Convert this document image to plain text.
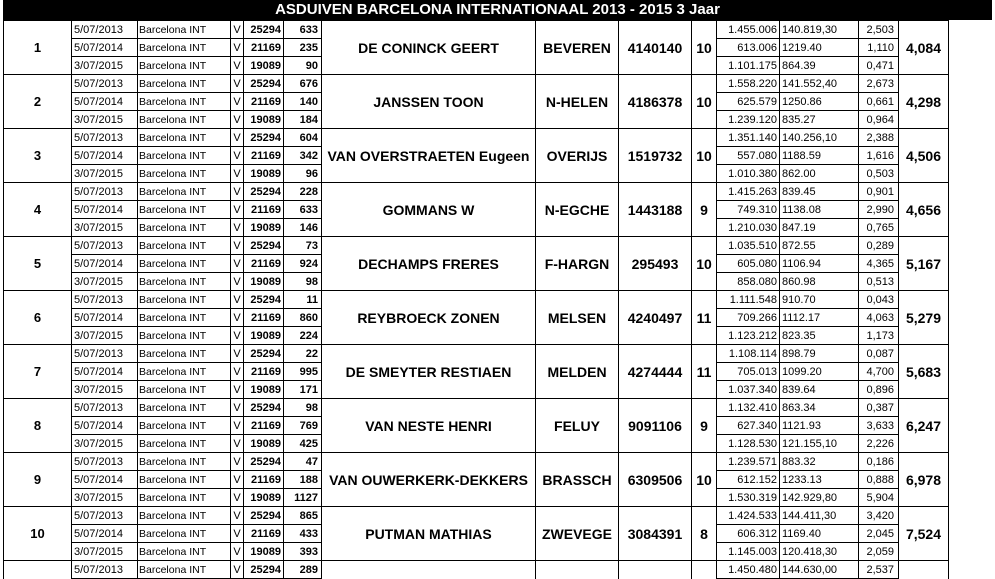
ASDUIVEN BARCELONA INTERNATIONAAL 2013 - 2015 3 Jaar
1	5/07/2013	Barcelona INT	V	25294	633	DE CONINCK GEERT	BEVEREN	4140140	10	1.455.006	140.819,30	2,503	4,084
	5/07/2014	Barcelona INT	V	21169	235					613.006	1219.40	1,110	
	3/07/2015	Barcelona INT	V	19089	90					1.101.175	864.39	0,471	
2	5/07/2013	Barcelona INT	V	25294	676	JANSSEN TOON	N-HELEN	4186378	10	1.558.220	141.552,40	2,673	4,298
	5/07/2014	Barcelona INT	V	21169	140					625.579	1250.86	0,661	
	3/07/2015	Barcelona INT	V	19089	184					1.239.120	835.27	0,964	
3	5/07/2013	Barcelona INT	V	25294	604	VAN OVERSTRAETEN Eugeen	OVERIJS	1519732	10	1.351.140	140.256,10	2,388	4,506
	5/07/2014	Barcelona INT	V	21169	342					557.080	1188.59	1,616	
	3/07/2015	Barcelona INT	V	19089	96					1.010.380	862.00	0,503	
4	5/07/2013	Barcelona INT	V	25294	228	GOMMANS W	N-EGCHE	1443188	9	1.415.263	839.45	0,901	4,656
	5/07/2014	Barcelona INT	V	21169	633					749.310	1138.08	2,990	
	3/07/2015	Barcelona INT	V	19089	146					1.210.030	847.19	0,765	
5	5/07/2013	Barcelona INT	V	25294	73	DECHAMPS FRERES	F-HARGN	295493	10	1.035.510	872.55	0,289	5,167
	5/07/2014	Barcelona INT	V	21169	924					605.080	1106.94	4,365	
	3/07/2015	Barcelona INT	V	19089	98					858.080	860.98	0,513	
6	5/07/2013	Barcelona INT	V	25294	11	REYBROECK ZONEN	MELSEN	4240497	11	1.111.548	910.70	0,043	5,279
	5/07/2014	Barcelona INT	V	21169	860					709.266	1112.17	4,063	
	3/07/2015	Barcelona INT	V	19089	224					1.123.212	823.35	1,173	
7	5/07/2013	Barcelona INT	V	25294	22	DE SMEYTER RESTIAEN	MELDEN	4274444	11	1.108.114	898.79	0,087	5,683
	5/07/2014	Barcelona INT	V	21169	995					705.013	1099.20	4,700	
	3/07/2015	Barcelona INT	V	19089	171					1.037.340	839.64	0,896	
8	5/07/2013	Barcelona INT	V	25294	98	VAN NESTE HENRI	FELUY	9091106	9	1.132.410	863.34	0,387	6,247
	5/07/2014	Barcelona INT	V	21169	769					627.340	1121.93	3,633	
	3/07/2015	Barcelona INT	V	19089	425					1.128.530	121.155,10	2,226	
9	5/07/2013	Barcelona INT	V	25294	47	VAN OUWERKERK-DEKKERS	BRASSCH	6309506	10	1.239.571	883.32	0,186	6,978
	5/07/2014	Barcelona INT	V	21169	188					612.152	1233.13	0,888	
	3/07/2015	Barcelona INT	V	19089	1127					1.530.319	142.929,80	5,904	
10	5/07/2013	Barcelona INT	V	25294	865	PUTMAN MATHIAS	ZWEVEGE	3084391	8	1.424.533	144.411,30	3,420	7,524
	5/07/2014	Barcelona INT	V	21169	433					606.312	1169.40	2,045	
	3/07/2015	Barcelona INT	V	19089	393					1.145.003	120.418,30	2,059	
	5/07/2013	Barcelona INT	V	25294	289					1.450.480	144.630,00	2,537	
